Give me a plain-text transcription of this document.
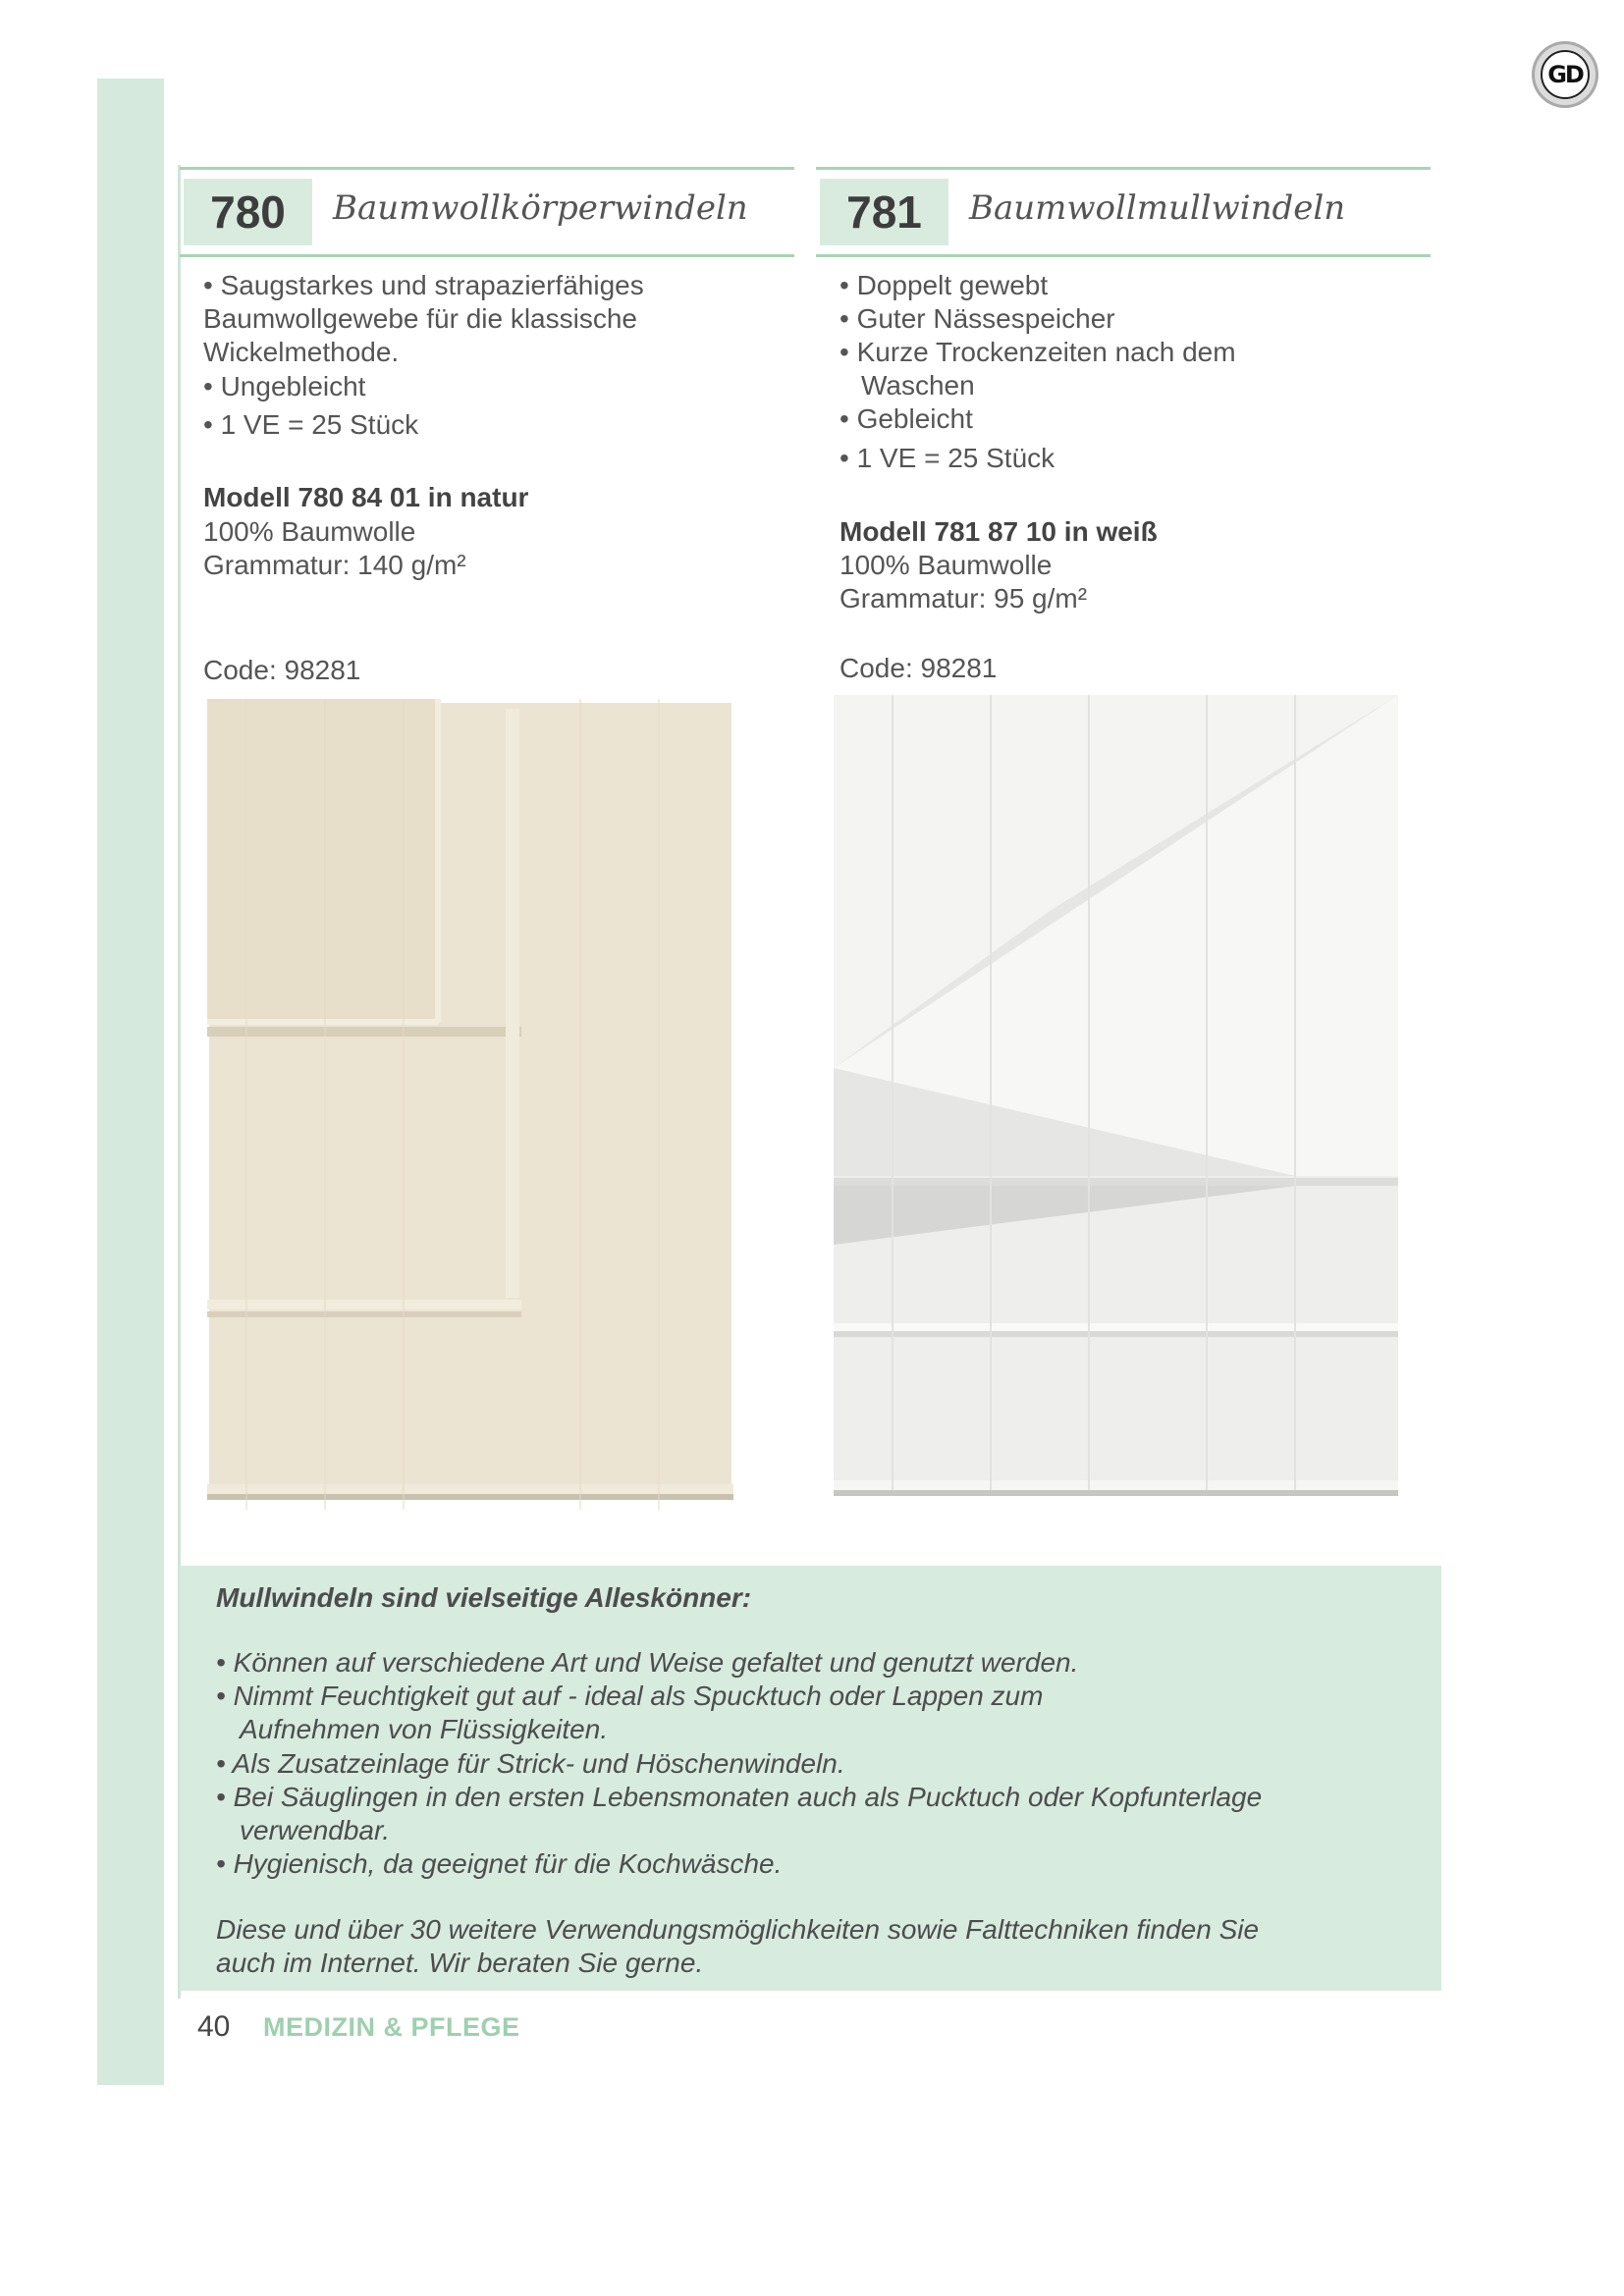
GD
780 Baumwollkörperwindeln
• Saugstarkes und strapazierfähiges
Baumwollgewebe für die klassische
Wickelmethode.
• Ungebleicht
• 1 VE = 25 Stück
Modell 780 84 01 in natur
100% Baumwolle
Grammatur: 140 g/m²
Code: 98281
781 Baumwollmullwindeln
• Doppelt gewebt
• Guter Nässespeicher
• Kurze Trockenzeiten nach dem
Waschen
• Gebleicht
• 1 VE = 25 Stück
Modell 781 87 10 in weiß
100% Baumwolle
Grammatur: 95 g/m²
Code: 98281
Mullwindeln sind vielseitige Alleskönner:
• Können auf verschiedene Art und Weise gefaltet und genutzt werden.
• Nimmt Feuchtigkeit gut auf - ideal als Spucktuch oder Lappen zum
Aufnehmen von Flüssigkeiten.
• Als Zusatzeinlage für Strick- und Höschenwindeln.
• Bei Säuglingen in den ersten Lebensmonaten auch als Pucktuch oder Kopfunterlage
verwendbar.
• Hygienisch, da geeignet für die Kochwäsche.
Diese und über 30 weitere Verwendungsmöglichkeiten sowie Falttechniken finden Sie
auch im Internet. Wir beraten Sie gerne.
40 MEDIZIN & PFLEGE
